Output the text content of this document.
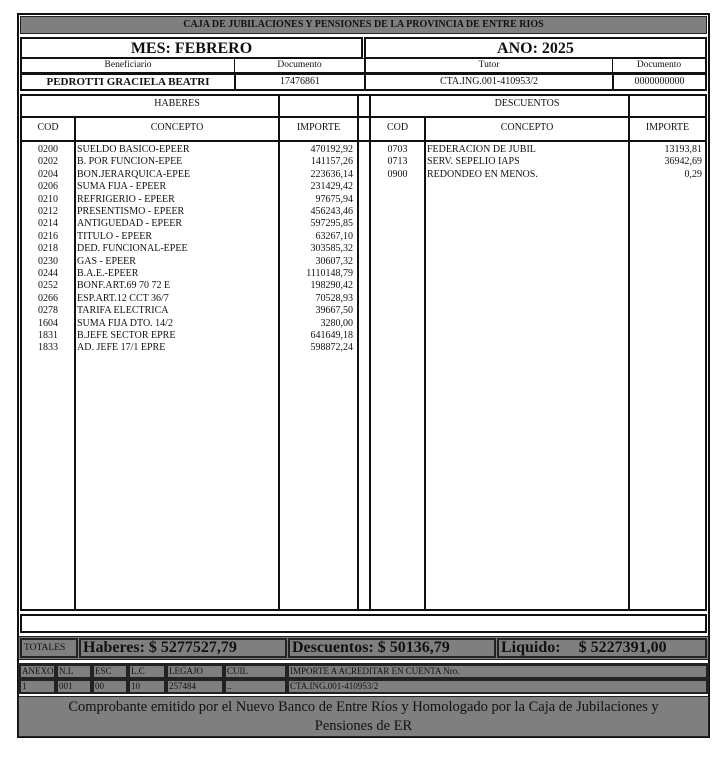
CAJA DE JUBILACIONES Y PENSIONES DE LA PROVINCIA DE ENTRE RIOS
MES: FEBRERO	ANO: 2025
Beneficiario	Documento	Tutor	Documento
PEDROTTI GRACIELA BEATRI	17476861	CTA.ING.001-410953/2	0000000000
HABERES
COD	CONCEPTO	IMPORTE
DESCUENTOS
COD	CONCEPTO	IMPORTE
0200	SUELDO BASICO-EPEER	470192,92
0202	B. POR FUNCION-EPEE	141157,26
0204	BON.JERARQUICA-EPEE	223636,14
0206	SUMA FIJA - EPEER	231429,42
0210	REFRIGERIO - EPEER	97675,94
0212	PRESENTISMO - EPEER	456243,46
0214	ANTIGUEDAD - EPEER	597295,85
0216	TITULO - EPEER	63267,10
0218	DED. FUNCIONAL-EPEE	303585,32
0230	GAS - EPEER	30607,32
0244	B.A.E.-EPEER	1110148,79
0252	BONF.ART.69 70 72 E	198290,42
0266	ESP.ART.12 CCT 36/7	70528,93
0278	TARIFA ELECTRICA	39667,50
1604	SUMA FIJA DTO. 14/2	3280,00
1831	B.JEFE SECTOR EPRE	641649,18
1833	AD. JEFE 17/1 EPRE	598872,24
0703	FEDERACION DE JUBIL	13193,81
0713	SERV. SEPELIO IAPS	36942,69
0900	REDONDEO EN MENOS.	0,29
TOTALES	Haberes: $ 5277527,79	Descuentos: $ 50136,79	Liquido: $ 5227391,00
ANEXO N.L	ESC	L.C	LEGAJO	CUIL	IMPORTE A ACREDITAR EN CUENTA Nro.
1	001	00	10	257484	..	CTA.ING.001-410953/2
Comprobante emitido por el Nuevo Banco de Entre Ríos y Homologado por la Caja de Jubilaciones y Pensiones de ER
